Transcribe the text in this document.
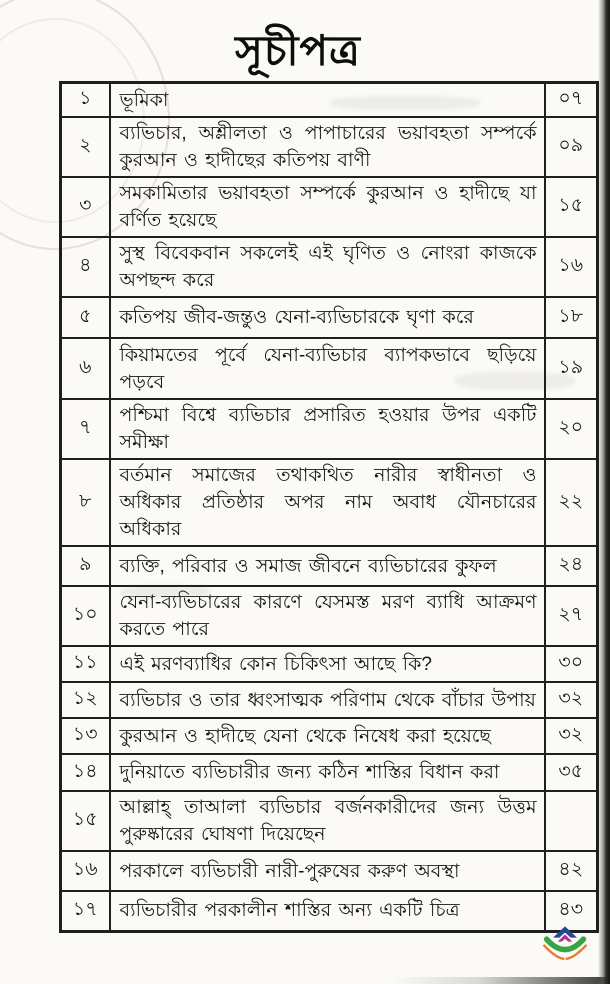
সূচীপত্র
১	ভূমিকা	০৭
২	ব্যভিচার, অশ্লীলতা ও পাপাচারের ভয়াবহতা সম্পর্কে কুরআন ও হাদীছের কতিপয় বাণী	০৯
৩	সমকামিতার ভয়াবহতা সম্পর্কে কুরআন ও হাদীছে যা বর্ণিত হয়েছে	১৫
৪	সুস্থ বিবেকবান সকলেই এই ঘৃণিত ও নোংরা কাজকে অপছন্দ করে	১৬
৫	কতিপয় জীব-জন্তুও যেনা-ব্যভিচারকে ঘৃণা করে	১৮
৬	কিয়ামতের পূর্বে যেনা-ব্যভিচার ব্যাপকভাবে ছড়িয়ে পড়বে	১৯
৭	পশ্চিমা বিশ্বে ব্যভিচার প্রসারিত হওয়ার উপর একটি সমীক্ষা	২০
৮	বর্তমান সমাজের তথাকথিত নারীর স্বাধীনতা ও অধিকার প্রতিষ্ঠার অপর নাম অবাধ যৌনচারের অধিকার	২২
৯	ব্যক্তি, পরিবার ও সমাজ জীবনে ব্যভিচারের কুফল	২৪
১০	যেনা-ব্যভিচারের কারণে যেসমস্ত মরণ ব্যাধি আক্রমণ করতে পারে	২৭
১১	এই মরণব্যাধির কোন চিকিৎসা আছে কি?	৩০
১২	ব্যভিচার ও তার ধ্বংসাত্মক পরিণাম থেকে বাঁচার উপায়	৩২
১৩	কুরআন ও হাদীছে যেনা থেকে নিষেধ করা হয়েছে	৩২
১৪	দুনিয়াতে ব্যভিচারীর জন্য কঠিন শাস্তির বিধান করা	৩৫
১৫	আল্লাহ্ তাআলা ব্যভিচার বর্জনকারীদের জন্য উত্তম পুরুষ্কারের ঘোষণা দিয়েছেন	
১৬	পরকালে ব্যভিচারী নারী-পুরুষের করুণ অবস্থা	৪২
১৭	ব্যভিচারীর পরকালীন শাস্তির অন্য একটি চিত্র	৪৩
